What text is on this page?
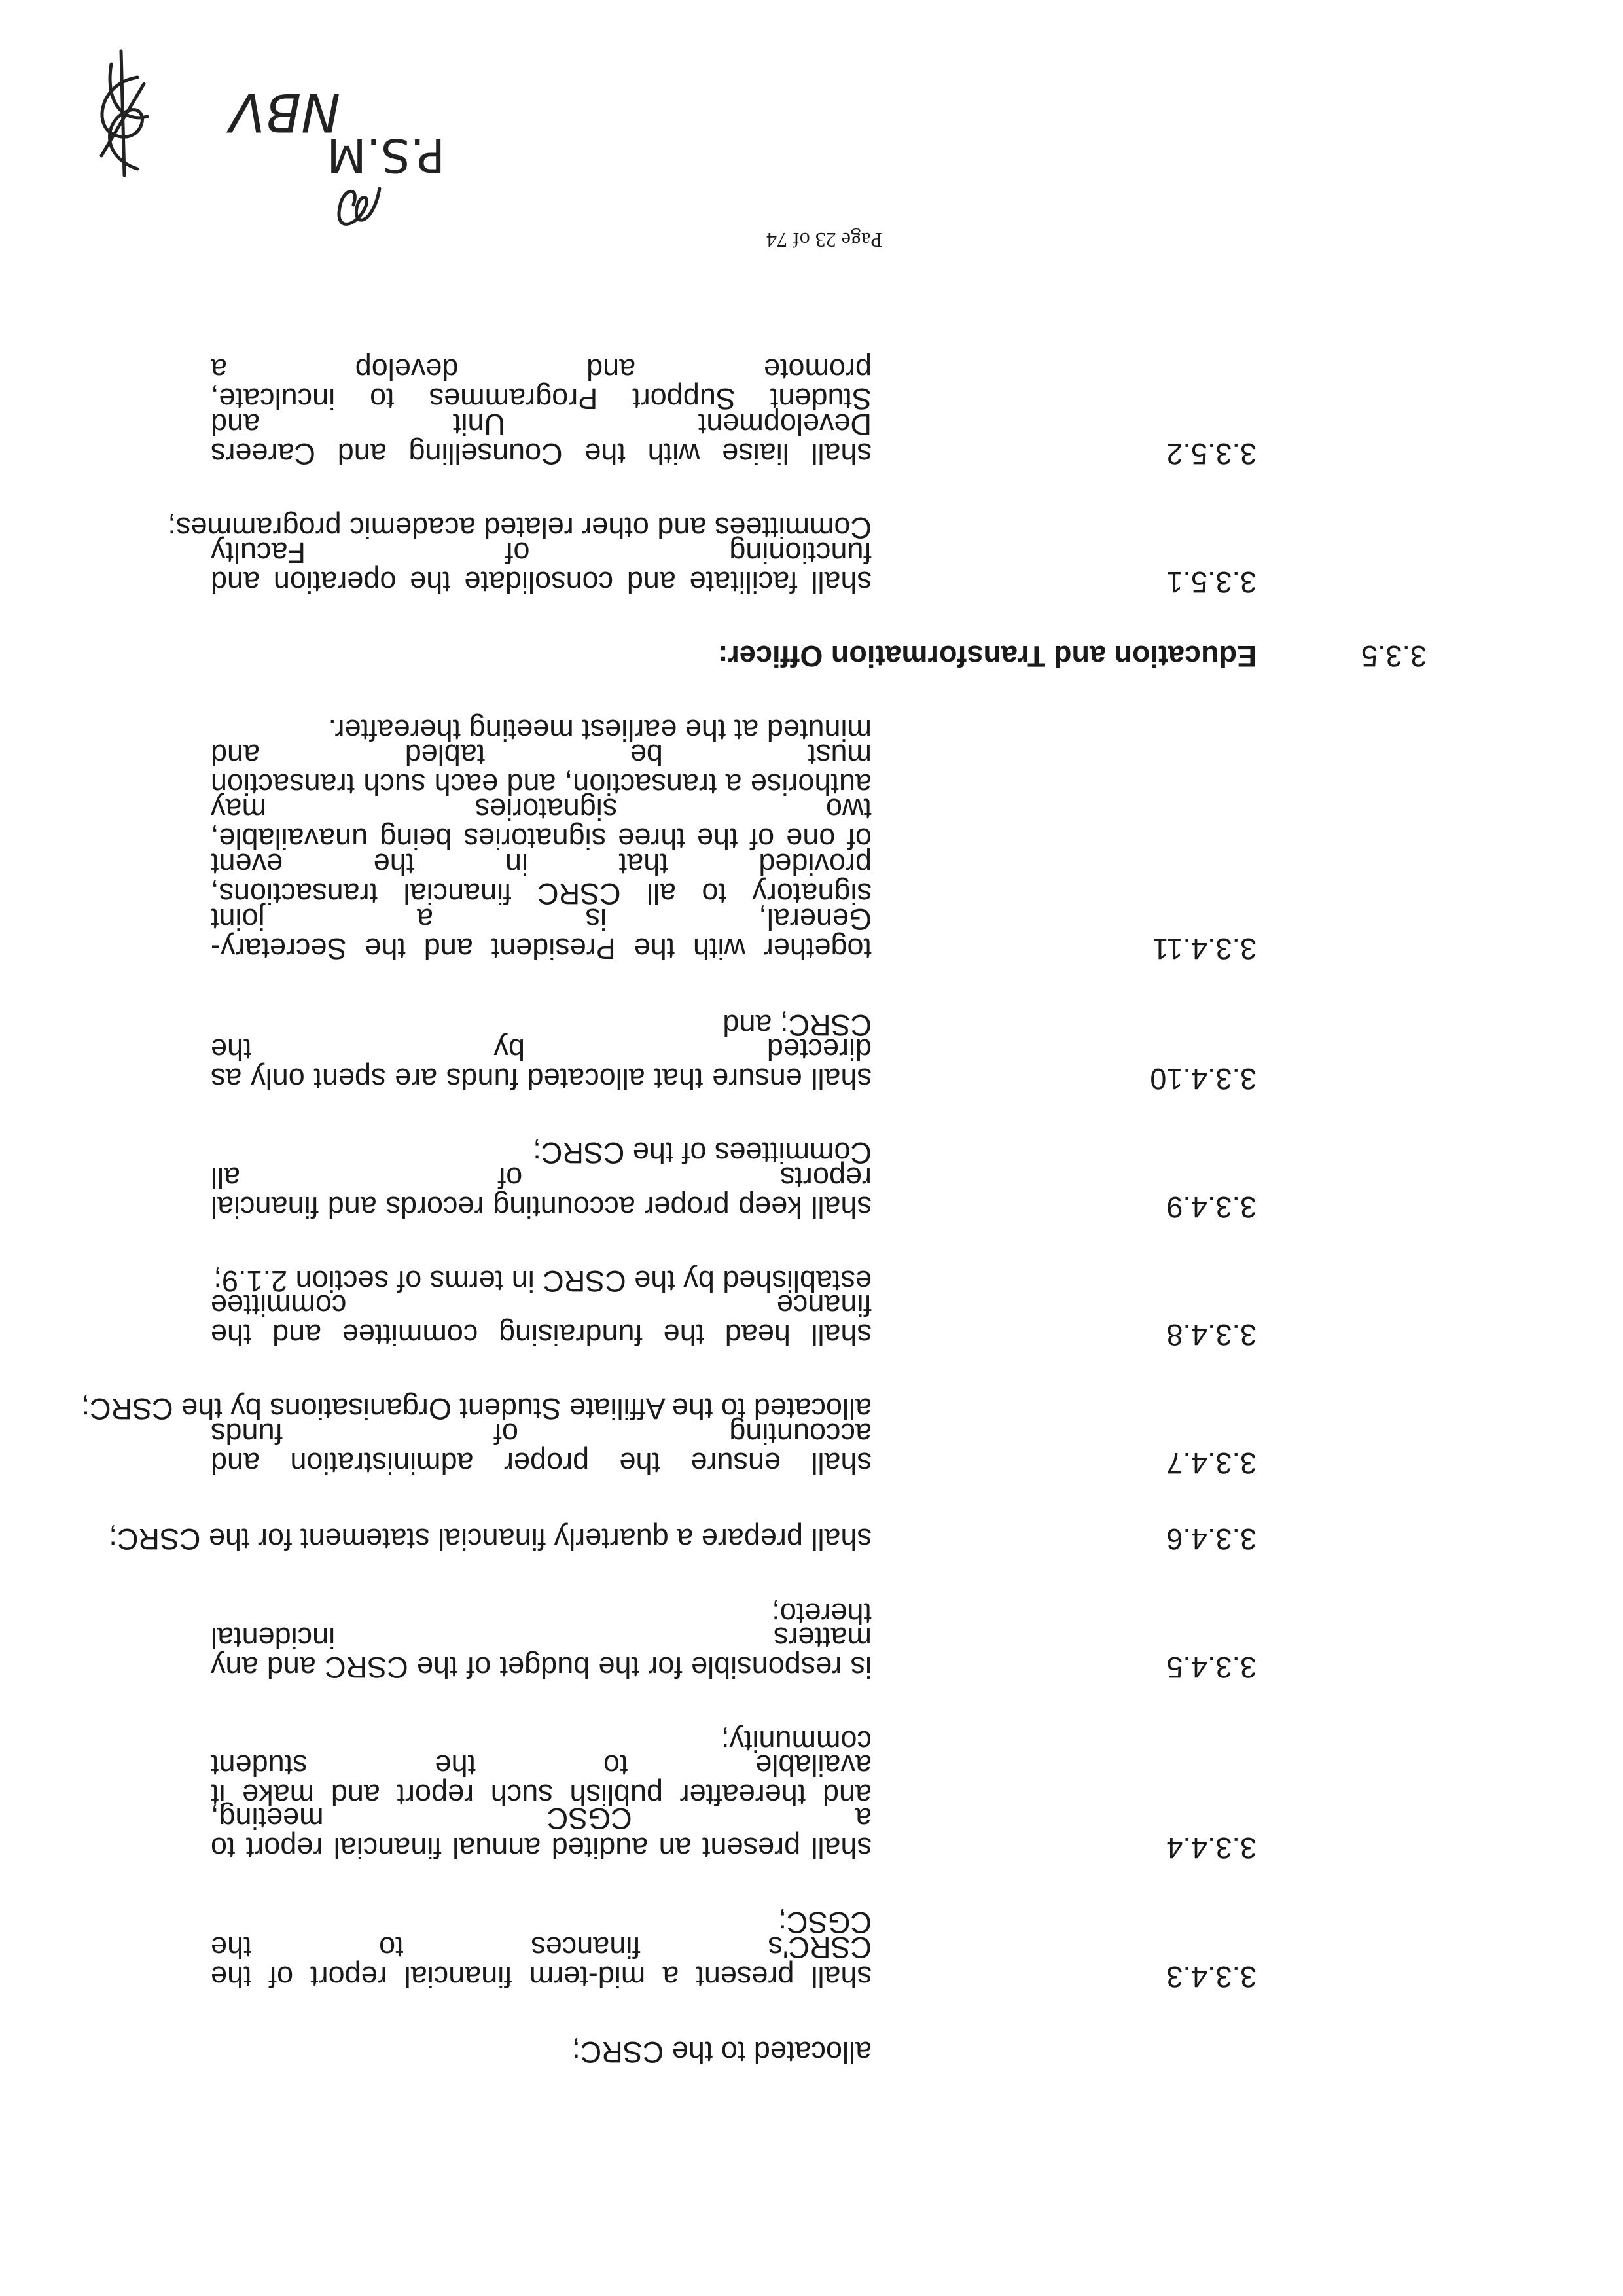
allocated to the CSRC;
3.3.4.3
shall present a mid-term financial report of the CSRC's finances to the
CGSC;
3.3.4.4
shall present an audited annual financial report to a CGSC meeting,
and thereafter publish such report and make it available to the student
community;
3.3.4.5
is responsible for the budget of the CSRC and any matters incidental
thereto;
3.3.4.6
shall prepare a quarterly financial statement for the CSRC;
3.3.4.7
shall ensure the proper administration and accounting of funds
allocated to the Affiliate Student Organisations by the CSRC;
3.3.4.8
shall head the fundraising committee and the finance committee
established by the CSRC in terms of section 2.1.9;
3.3.4.9
shall keep proper accounting records and financial reports of all
Committees of the CSRC;
3.3.4.10
shall ensure that allocated funds are spent only as directed by the
CSRC; and
3.3.4.11
together with the President and the Secretary-General, is a joint
signatory to all CSRC financial transactions, provided that in the event
of one of the three signatories being unavailable, two signatories may
authorise a transaction, and each such transaction must be tabled and
minuted at the earliest meeting thereafter.
3.3.5
Education and Transformation Officer:
3.3.5.1
shall facilitate and consolidate the operation and functioning of Faculty
Committees and other related academic programmes;
3.3.5.2
shall liaise with the Counselling and Careers Development Unit and
Student Support Programmes to inculcate, promote and develop a
Page 23 of 74
P.S.M
NBV
